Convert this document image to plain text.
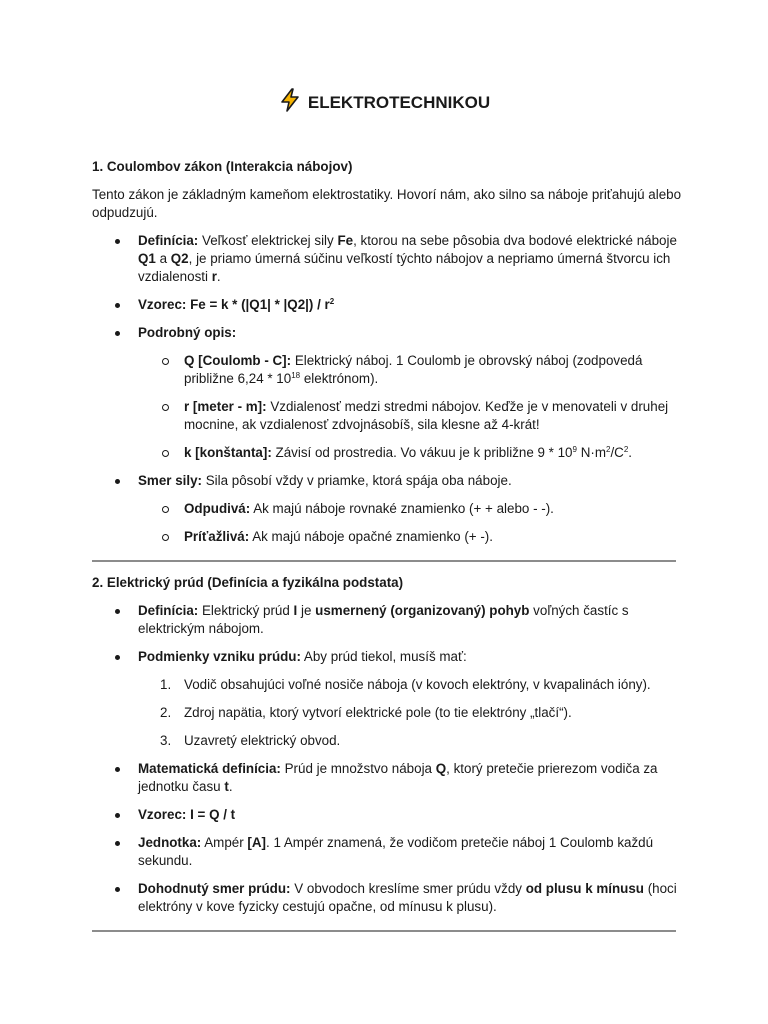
ELEKTROTECHNIKOU
1. Coulombov zákon (Interakcia nábojov)

Tento zákon je základným kameňom elektrostatiky. Hovorí nám, ako silno sa náboje priťahujú alebo odpudzujú.

Definícia: Veľkosť elektrickej sily Fe, ktorou na sebe pôsobia dva bodové elektrické náboje Q1 a Q2, je priamo úmerná súčinu veľkostí týchto nábojov a nepriamo úmerná štvorcu ich vzdialenosti r.
Vzorec: $Fe = k * (|Q1| * |Q2|) / r^2$
Podrobný opis:
Q [Coulomb - C]: Elektrický náboj. 1 Coulomb je obrovský náboj (zodpovedá približne $6,24 * 10^{18}$ elektrónom).
r [meter - m]: Vzdialenosť medzi stredmi nábojov. Keďže je v menovateli v druhej mocnine, ak vzdialenosť zdvojnásobíš, sila klesne až 4-krát!
k [konštanta]: Závisí od prostredia. Vo vákuu je k približne $9 * 10^9$ $N\cdot m^2/C^2$.
Smer sily: Sila pôsobí vždy v priamke, ktorá spája oba náboje.
Odpudivá: Ak majú náboje rovnaké znamienko (+ + alebo - -).
Príťažlivá: Ak majú náboje opačné znamienko (+ -).
2. Elektrický prúd (Definícia a fyzikálna podstata)
Definícia: Elektrický prúd I je usmernený (organizovaný) pohyb voľných častíc s elektrickým nábojom.
Podmienky vzniku prúdu: Aby prúd tiekol, musíš mať:
1. Vodič obsahujúci voľné nosiče náboja (v kovoch elektróny, v kvapalinách ióny).
2. Zdroj napätia, ktorý vytvorí elektrické pole (to tie elektróny „tlačí“).
3. Uzavretý elektrický obvod.
Matematická definícia: Prúd je množstvo náboja Q, ktorý pretečie prierezom vodiča za jednotku času t.
Vzorec: I = Q / t
Jednotka: Ampér [A]. 1 Ampér znamená, že vodičom pretečie náboj 1 Coulomb každú sekundu.
Dohodnutý smer prúdu: V obvodoch kreslíme smer prúdu vždy od plusu k mínusu (hoci elektróny v kove fyzicky cestujú opačne, od mínusu k plusu).
